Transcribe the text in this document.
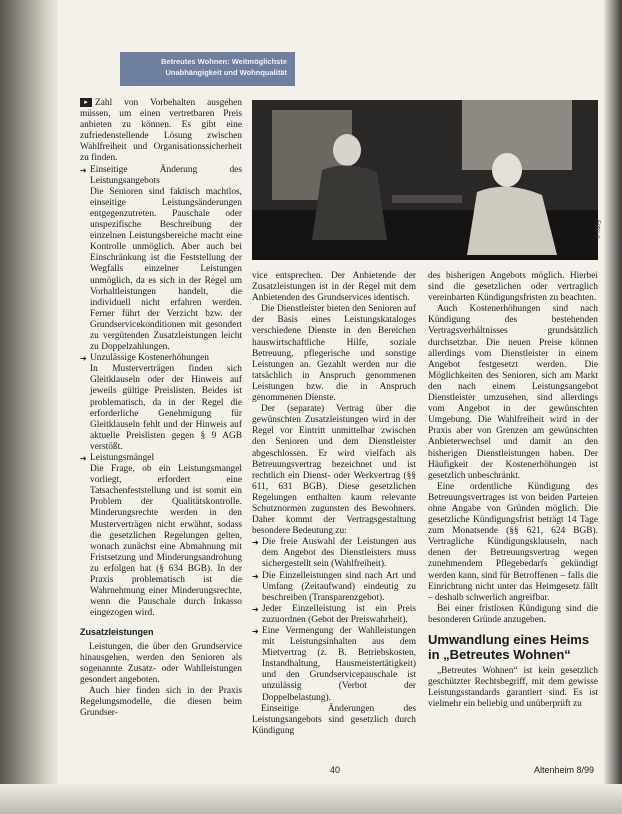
Betreutes Wohnen: Weitmöglichste
Unabhängigkeit und Wohnqualität
Foto: p

▸ Zahl von Vorbehalten ausgehen müssen, um einen vertretbaren Preis anbieten zu können. Es gibt eine zufriedenstellende Lösung zwischen Wahlfreiheit und Organisationssicherheit zu finden.

➜ Einseitige Änderung des Leistungsangebots
Die Senioren sind faktisch machtlos, einseitige Leistungsänderungen entgegenzutreten. Pauschale oder unspezifische Beschreibung der einzelnen Leistungsbereiche macht eine Kontrolle unmöglich. Aber auch bei Einschränkung ist die Feststellung der Wegfalls einzelner Leistungen unmöglich, da es sich in der Regel um Vorhaltleistungen handelt, die individuell nicht erfahren werden. Ferner führt der Verzicht bzw. der Grundservicekonditionen mit gesondert zu vergütenden Zusatzleistungen leicht zu Doppelzahlungen.
➜ Unzulässige Kostenerhöhungen
In Musterverträgen finden sich Gleitklauseln oder der Hinweis auf jeweils gültige Preislisten. Beides ist problematisch, da in der Regel die erforderliche Genehmigung für Gleitklauseln fehlt und der Hinweis auf aktuelle Preislisten gegen § 9 AGB verstößt.
➜ Leistungsmängel
Die Frage, ob ein Leistungsmangel vorliegt, erfordert eine Tatsachenfeststellung und ist somit ein Problem der Qualitätskontrolle. Minderungsrechte werden in den Musterverträgen nicht erwähnt, sodass die gesetzlichen Regelungen gelten, wonach zunächst eine Abmahnung mit Fristsetzung und Minderungsandrohung zu erfolgen hat (§ 634 BGB). In der Praxis problematisch ist die Wahrnehmung einer Minderungsrechte, wenn die Pauschale durch Inkasso eingezogen wird.
Zusatzleistungen

Leistungen, die über den Grundservice hinausgehen, werden den Senioren als sogenannte Zusatz- oder Wahlleistungen gesondert angeboten.

Auch hier finden sich in der Praxis Regelungsmodelle, die diesen beim Grundser-

vice entsprechen. Der Anbietende der Zusatzleistungen ist in der Regel mit dem Anbietenden des Grundservices identisch.

Die Dienstleister bieten den Senioren auf der Basis eines Leistungskataloges verschiedene Dienste in den Bereichen hauswirtschaftliche Hilfe, soziale Betreuung, pflegerische und sonstige Leistungen an. Gezahlt werden nur die tatsächlich in Anspruch genommenen Leistungen bzw. die in Anspruch genommenen Dienste.

Der (separate) Vertrag über die gewünschten Zusatzleistungen wird in der Regel vor Eintritt unmittelbar zwischen den Senioren und dem Dienstleister abgeschlossen. Er wird vielfach als Betreuungsvertrag bezeichnet und ist rechtlich ein Dienst- oder Werkvertrag (§§ 611, 631 BGB). Diese gesetzlichen Regelungen enthalten kaum relevante Schutznormen zugunsten des Bewohners. Daher kommt der Vertragsgestaltung besondere Bedeutung zu:

➜ Die freie Auswahl der Leistungen aus dem Angebot des Dienstleisters muss sichergestellt sein (Wahlfreiheit).
➜ Die Einzelleistungen sind nach Art und Umfang (Zeitaufwand) eindeutig zu beschreiben (Transparenzgebot).
➜ Jeder Einzelleistung ist ein Preis zuzuordnen (Gebot der Preiswahrheit).
➜ Eine Vermengung der Wahlleistungen mit Leistungsinhalten aus dem Mietvertrag (z. B. Betriebskosten, Instandhaltung, Hausmeistertätigkeit) und den Grundservicepauschale ist unzulässig (Verbot der Doppelbelastung).

Einseitige Änderungen des Leistungsangebots sind gesetzlich durch Kündigung

des bisherigen Angebots möglich. Hierbei sind die gesetzlichen oder vertraglich vereinbarten Kündigungsfristen zu beachten.

Auch Kostenerhöhungen sind nach Kündigung des bestehenden Vertragsverhältnisses grundsätzlich durchsetzbar. Die neuen Preise können allerdings vom Dienstleister in einem Angebot festgesetzt werden. Die Möglichkeiten des Senioren, sich am Markt den nach einem Leistungsangebot Dienstleister umzusehen, sind allerdings vom Angebot in der gewünschten Umgebung. Die Wahlfreiheit wird in der Praxis aber von Grenzen am gewünschten Anbieterwechsel und damit an den bisherigen Dienstleistungen haben. Der Häufigkeit der Kostenerhöhungen ist gesetzlich unbeschränkt.

Eine ordentliche Kündigung des Betreuungsvertrages ist von beiden Parteien ohne Angabe von Gründen möglich. Die gesetzliche Kündigungsfrist beträgt 14 Tage zum Monatsende (§§ 621, 624 BGB). Vertragliche Kündigungsklauseln, nach denen der Betreuungsvertrag wegen zunehmendem Pflegebedarfs gekündigt werden kann, sind für Betroffenen – falls die Einrichtung nicht unter das Heimgesetz fällt – deshalb schwerlich angreifbar.

Bei einer fristlosen Kündigung sind die besonderen Gründe anzugeben.

Umwandlung eines Heims
in „Betreutes Wohnen“

„Betreutes Wohnen“ ist kein gesetzlich geschützter Rechtsbegriff, mit dem gewisse Leistungsstandards garantiert sind. Es ist vielmehr ein beliebig und unüberprüft zu

40	Altenheim 8/99
